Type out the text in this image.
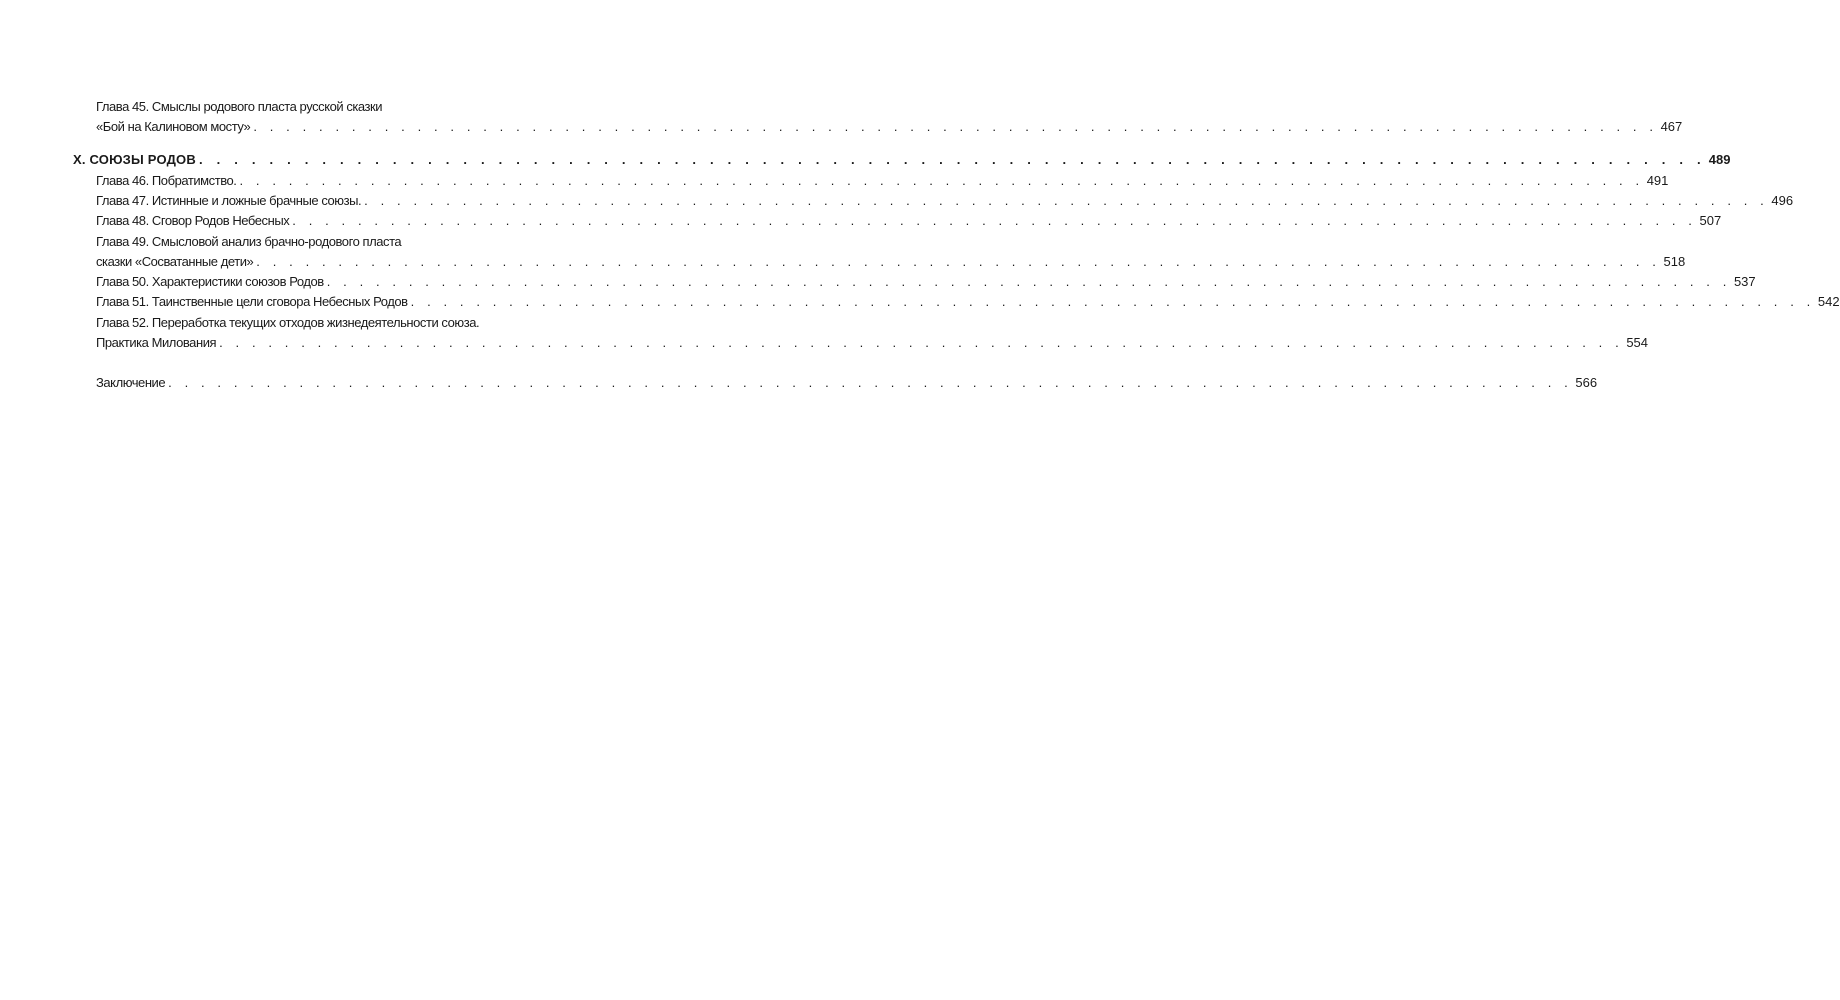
Глава 45. Смыслы родового пласта русской сказки
«Бой на Калиновом мосту» . . . . . . . . . . . . . . . . . . . . . . . . . . . . . . . . . . . . . . . . . . . . . . . . . . . . . . . . . . . . . . . . . . . . . . . . . . . . . . . . . . . . . . 467
X. СОЮЗЫ РОДОВ . . . . . . . . . . . . . . . . . . . . . . . . . . . . . . . . . . . . . . . . . . . . . . . . . . . . . . . . . . . . . . . . . . . . . . . . . . . . . . . . . . . . . . 489
Глава 46. Побратимство. . . . . . . . . . . . . . . . . . . . . . . . . . . . . . . . . . . . . . . . . . . . . . . . . . . . . . . . . . . . . . . . . . . . . . . . . . . . . . . . . . . . . . . 491
Глава 47. Истинные и ложные брачные союзы. . . . . . . . . . . . . . . . . . . . . . . . . . . . . . . . . . . . . . . . . . . . . . . . . . . . . . . . . . . . . . . . . . . . . . . . . . . . . . . . . . . . . . . 496
Глава 48. Сговор Родов Небесных . . . . . . . . . . . . . . . . . . . . . . . . . . . . . . . . . . . . . . . . . . . . . . . . . . . . . . . . . . . . . . . . . . . . . . . . . . . . . . . . . . . . . . 507
Глава 49. Смысловой анализ брачно-родового пласта
сказки «Сосватанные дети» . . . . . . . . . . . . . . . . . . . . . . . . . . . . . . . . . . . . . . . . . . . . . . . . . . . . . . . . . . . . . . . . . . . . . . . . . . . . . . . . . . . . . . 518
Глава 50. Характеристики союзов Родов . . . . . . . . . . . . . . . . . . . . . . . . . . . . . . . . . . . . . . . . . . . . . . . . . . . . . . . . . . . . . . . . . . . . . . . . . . . . . . . . . . . . . . 537
Глава 51. Таинственные цели сговора Небесных Родов . . . . . . . . . . . . . . . . . . . . . . . . . . . . . . . . . . . . . . . . . . . . . . . . . . . . . . . . . . . . . . . . . . . . . . . . . . . . . . . . . . . . . . 542
Глава 52. Переработка текущих отходов жизнедеятельности союза.
Практика Милования . . . . . . . . . . . . . . . . . . . . . . . . . . . . . . . . . . . . . . . . . . . . . . . . . . . . . . . . . . . . . . . . . . . . . . . . . . . . . . . . . . . . . . 554
Заключение . . . . . . . . . . . . . . . . . . . . . . . . . . . . . . . . . . . . . . . . . . . . . . . . . . . . . . . . . . . . . . . . . . . . . . . . . . . . . . . . . . . . . . 566
